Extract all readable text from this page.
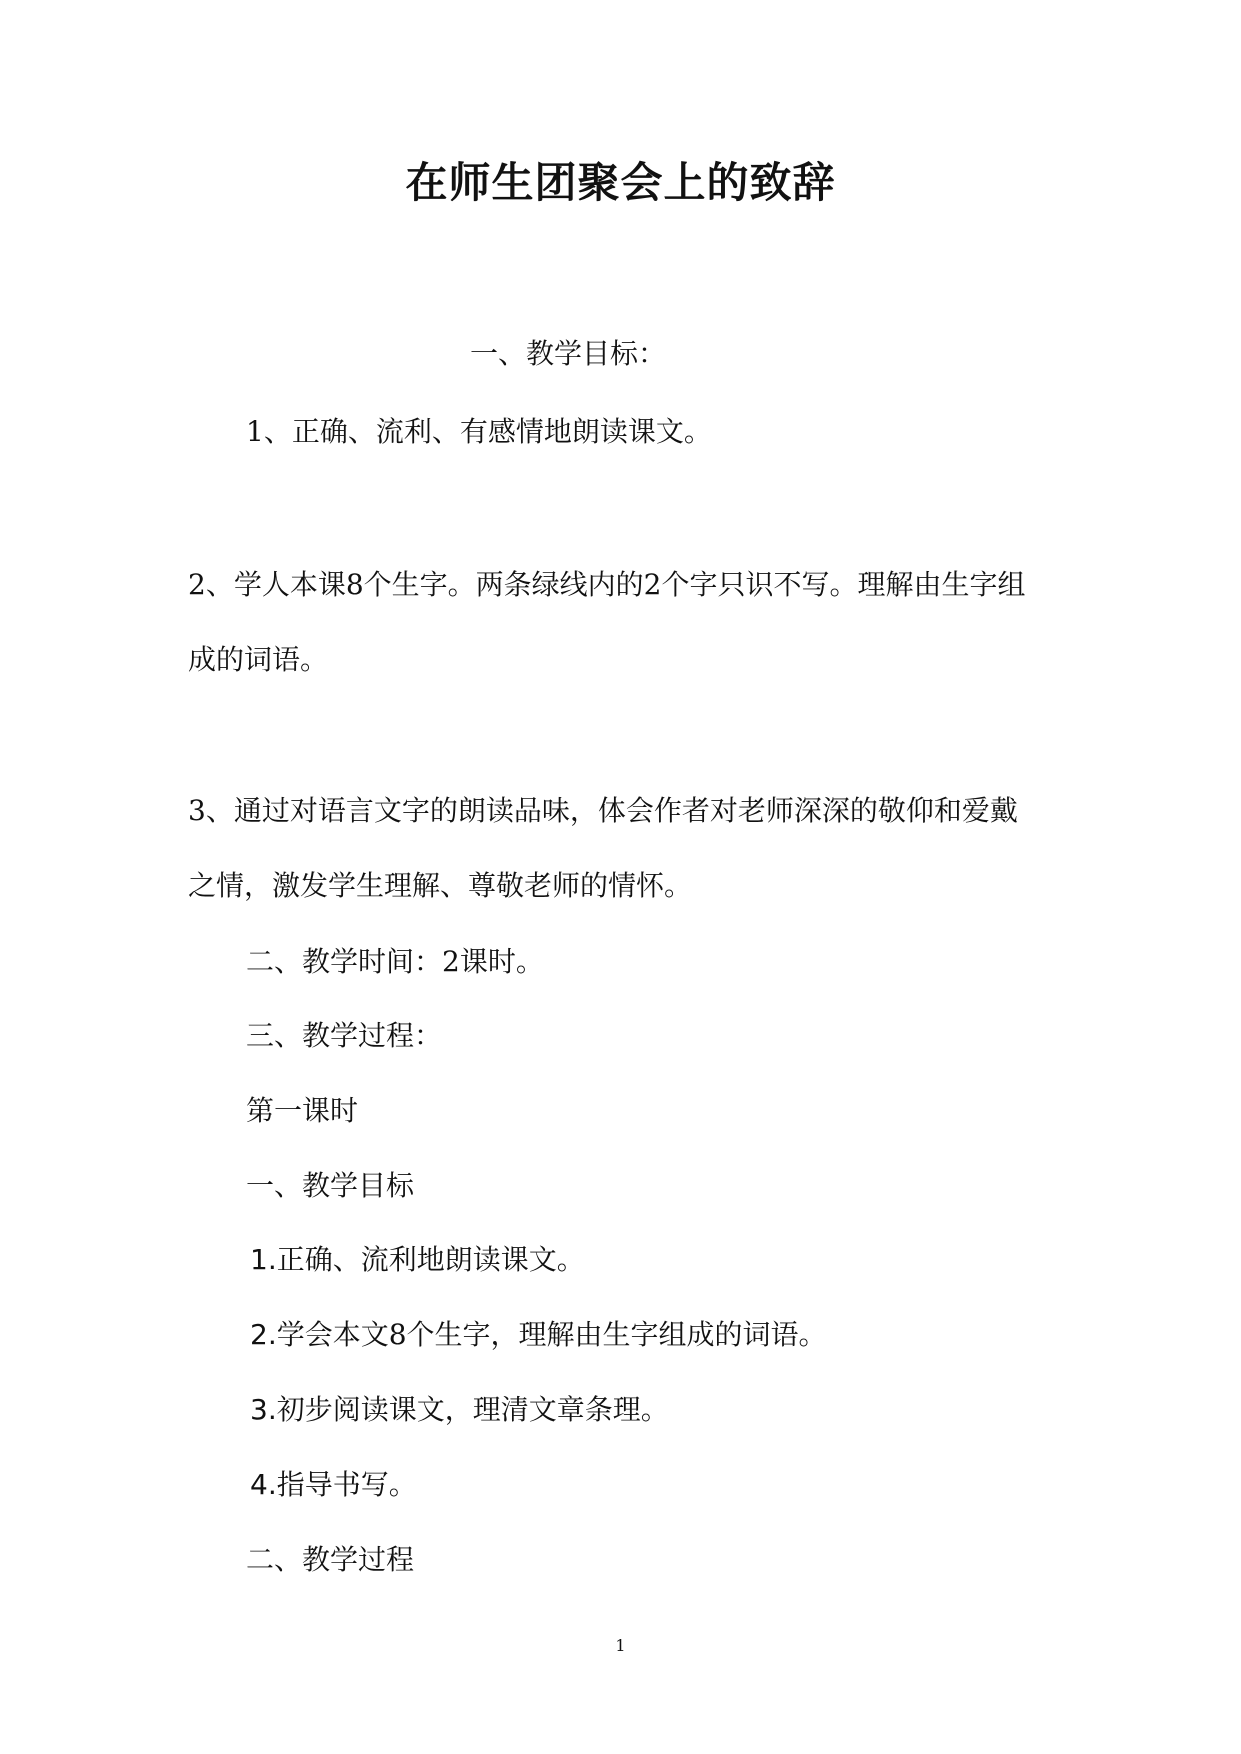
在师生团聚会上的致辞
一、教学目标：
1、正确、流利、有感情地朗读课文。
2、学人本课8个生字。两条绿线内的2个字只识不写。理解由生字组
成的词语。
3、通过对语言文字的朗读品味，体会作者对老师深深的敬仰和爱戴
之情，激发学生理解、尊敬老师的情怀。
二、教学时间：2课时。
三、教学过程：
第一课时
一、教学目标
1.正确、流利地朗读课文。
2.学会本文8个生字，理解由生字组成的词语。
3.初步阅读课文，理清文章条理。
4.指导书写。
二、教学过程
1
